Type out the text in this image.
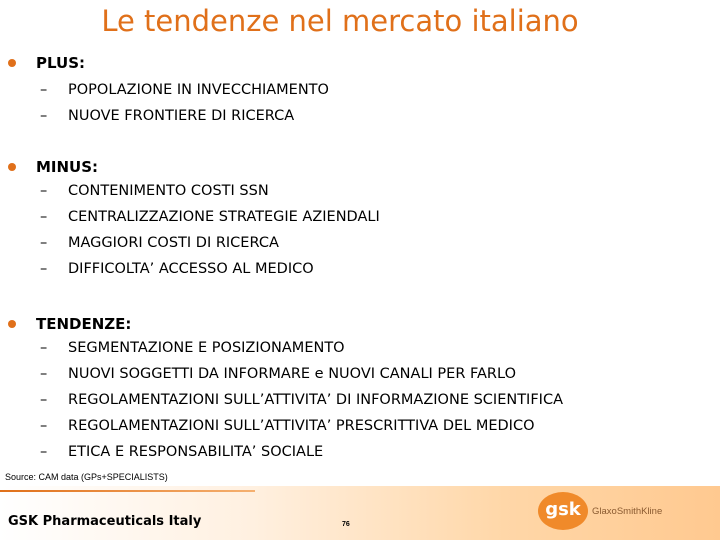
Le tendenze nel mercato italiano
PLUS:
– POPOLAZIONE IN INVECCHIAMENTO
– NUOVE FRONTIERE DI RICERCA
MINUS:
– CONTENIMENTO COSTI SSN
– CENTRALIZZAZIONE STRATEGIE AZIENDALI
– MAGGIORI COSTI DI RICERCA
– DIFFICOLTA’ ACCESSO AL MEDICO
TENDENZE:
– SEGMENTAZIONE E POSIZIONAMENTO
– NUOVI SOGGETTI DA INFORMARE e NUOVI CANALI PER FARLO
– REGOLAMENTAZIONI SULL’ATTIVITA’ DI INFORMAZIONE SCIENTIFICA
– REGOLAMENTAZIONI SULL’ATTIVITA’ PRESCRITTIVA DEL MEDICO
– ETICA E RESPONSABILITA’ SOCIALE
Source: CAM data (GPs+SPECIALISTS)
GSK Pharmaceuticals Italy	76
gsk	GlaxoSmithKline
